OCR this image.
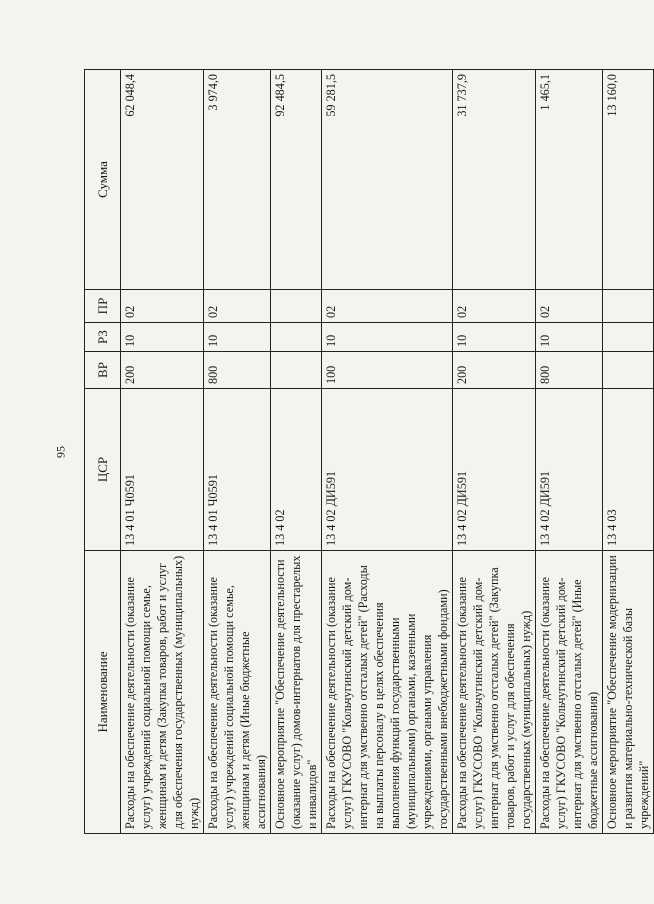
95
Наименование	ЦСР	ВР	РЗ	ПР	Сумма
Расходы на обеспечение деятельности (оказание услуг) учреждений социальной помощи семье, женщинам и детям (Закупка товаров, работ и услуг для обеспечения государственных (муниципальных) нужд)	13 4 01 Ч0591	200	10	02	62 048,4
Расходы на обеспечение деятельности (оказание услуг) учреждений социальной помощи семье, женщинам и детям (Иные бюджетные ассигнования)	13 4 01 Ч0591	800	10	02	3 974,0
Основное мероприятие "Обеспечение деятельности (оказание услуг) домов-интернатов для престарелых и инвалидов"	13 4 02				92 484,5
Расходы на обеспечение деятельности (оказание услуг) ГКУСОВО "Кольчугинский детский дом-интернат для умственно отсталых детей" (Расходы на выплаты персоналу в целях обеспечения выполнения функций государственными (муниципальными) органами, казенными учреждениями, органами управления государственными внебюджетными фондами)	13 4 02 ДИ591	100	10	02	59 281,5
Расходы на обеспечение деятельности (оказание услуг) ГКУСОВО "Кольчугинский детский дом-интернат для умственно отсталых детей" (Закупка товаров, работ и услуг для обеспечения государственных (муниципальных) нужд)	13 4 02 ДИ591	200	10	02	31 737,9
Расходы на обеспечение деятельности (оказание услуг) ГКУСОВО "Кольчугинский детский дом-интернат для умственно отсталых детей" (Иные бюджетные ассигнования)	13 4 02 ДИ591	800	10	02	1 465,1
Основное мероприятие "Обеспечение модернизации и развития материально-технической базы учреждений"	13 4 03				13 160,0
